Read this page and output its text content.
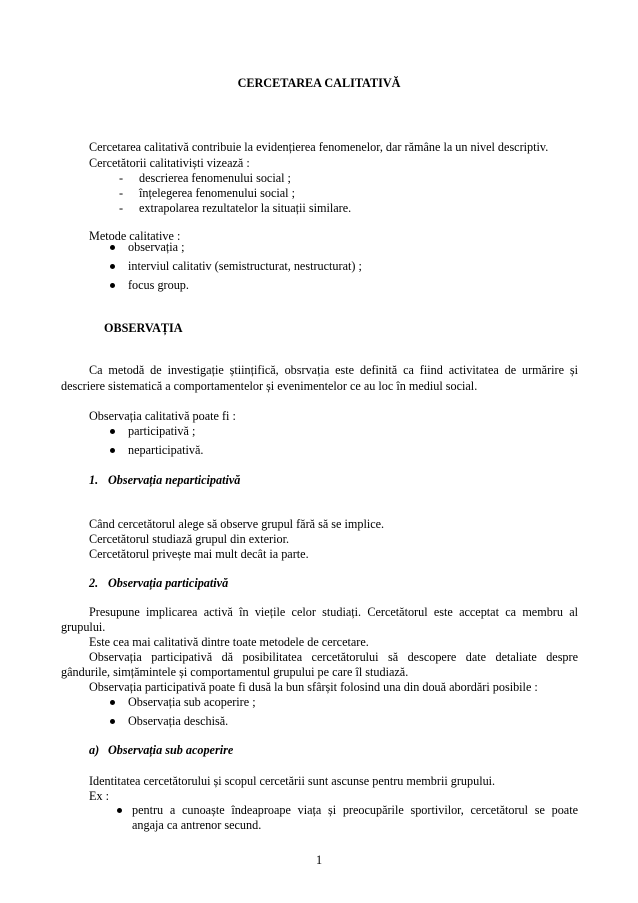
CERCETAREA CALITATIVĂ
Cercetarea calitativă contribuie la evidențierea fenomenelor, dar rămâne la un nivel descriptiv.
Cercetătorii calitativiști vizează :
- descrierea fenomenului social ;
- înțelegerea fenomenului social ;
- extrapolarea rezultatelor la situații similare.
Metode calitative :
observația ;
interviul calitativ (semistructurat, nestructurat) ;
focus group.
OBSERVAȚIA
Ca metodă de investigație științifică, obsrvația este definită ca fiind activitatea de urmărire și
descriere sistematică a comportamentelor și evenimentelor ce au loc în mediul social.
Observația calitativă poate fi :
participativă ;
neparticipativă.
1. Observația neparticipativă
Când cercetătorul alege să observe grupul fără să se implice.
Cercetătorul studiază grupul din exterior.
Cercetătorul privește mai mult decât ia parte.
2. Observația participativă
Presupune implicarea activă în viețile celor studiați. Cercetătorul este acceptat ca membru al
grupului.
Este cea mai calitativă dintre toate metodele de cercetare.
Observația participativă dă posibilitatea cercetătorului să descopere date detaliate despre
gândurile, simțămintele și comportamentul grupului pe care îl studiază.
Observația participativă poate fi dusă la bun sfârșit folosind una din două abordări posibile :
Observația sub acoperire ;
Observația deschisă.
a) Observația sub acoperire
Identitatea cercetătorului și scopul cercetării sunt ascunse pentru membrii grupului.
Ex :
pentru a cunoaște îndeaproape viața și preocupările sportivilor, cercetătorul se poate
angaja ca antrenor secund.
1
